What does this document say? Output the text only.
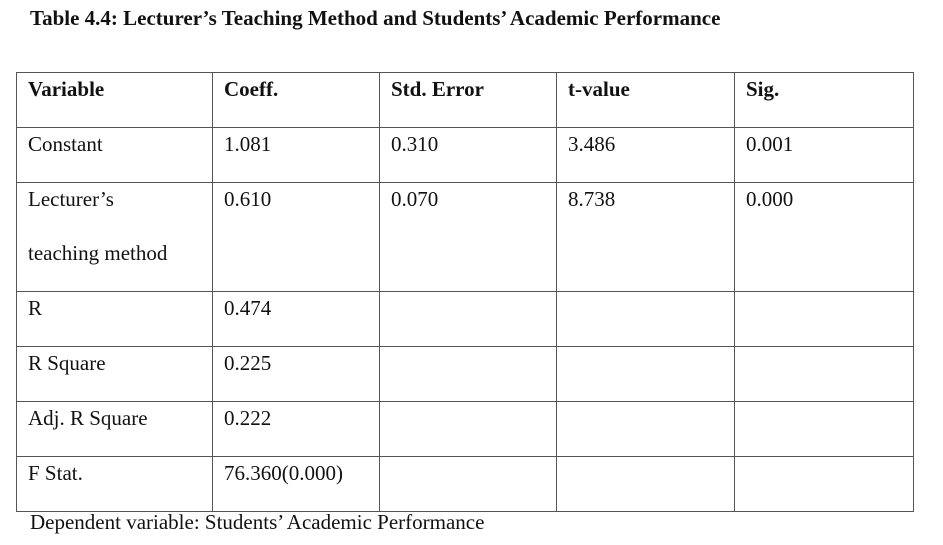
Table 4.4: Lecturer’s Teaching Method and Students’ Academic Performance
Variable	Coeff.	Std. Error	t-value	Sig.
Constant	1.081	0.310	3.486	0.001

Lecturer’s
teaching method	0.610	0.070	8.738	0.000
R	0.474			
R Square	0.225			
Adj. R Square	0.222			
F Stat.	76.360(0.000)			
Dependent variable: Students’ Academic Performance
